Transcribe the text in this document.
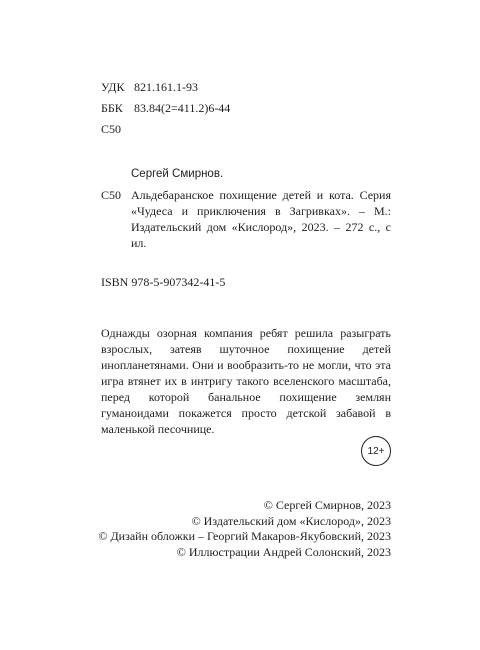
УДК 821.161.1-93
ББК 83.84(2=411.2)6-44
С50
Сергей Смирнов.
С50 Альдебаранское похищение детей и кота. Серия «Чудеса и приключения в Загривках». – М.: Издательский дом «Кислород», 2023. – 272 с., с ил.
ISBN 978-5-907342-41-5

Однажды озорная компания ребят решила разыграть взрослых, затеяв шуточное похищение детей инопланетянами. Они и вообразить-то не могли, что эта игра втянет их в интригу такого вселенского масштаба, перед которой банальное похищение землян гуманоидами покажется просто детской забавой в маленькой песочнице.

12+
© Сергей Смирнов, 2023
© Издательский дом «Кислород», 2023
© Дизайн обложки – Георгий Макаров-Якубовский, 2023
© Иллюстрации Андрей Солонский, 2023
